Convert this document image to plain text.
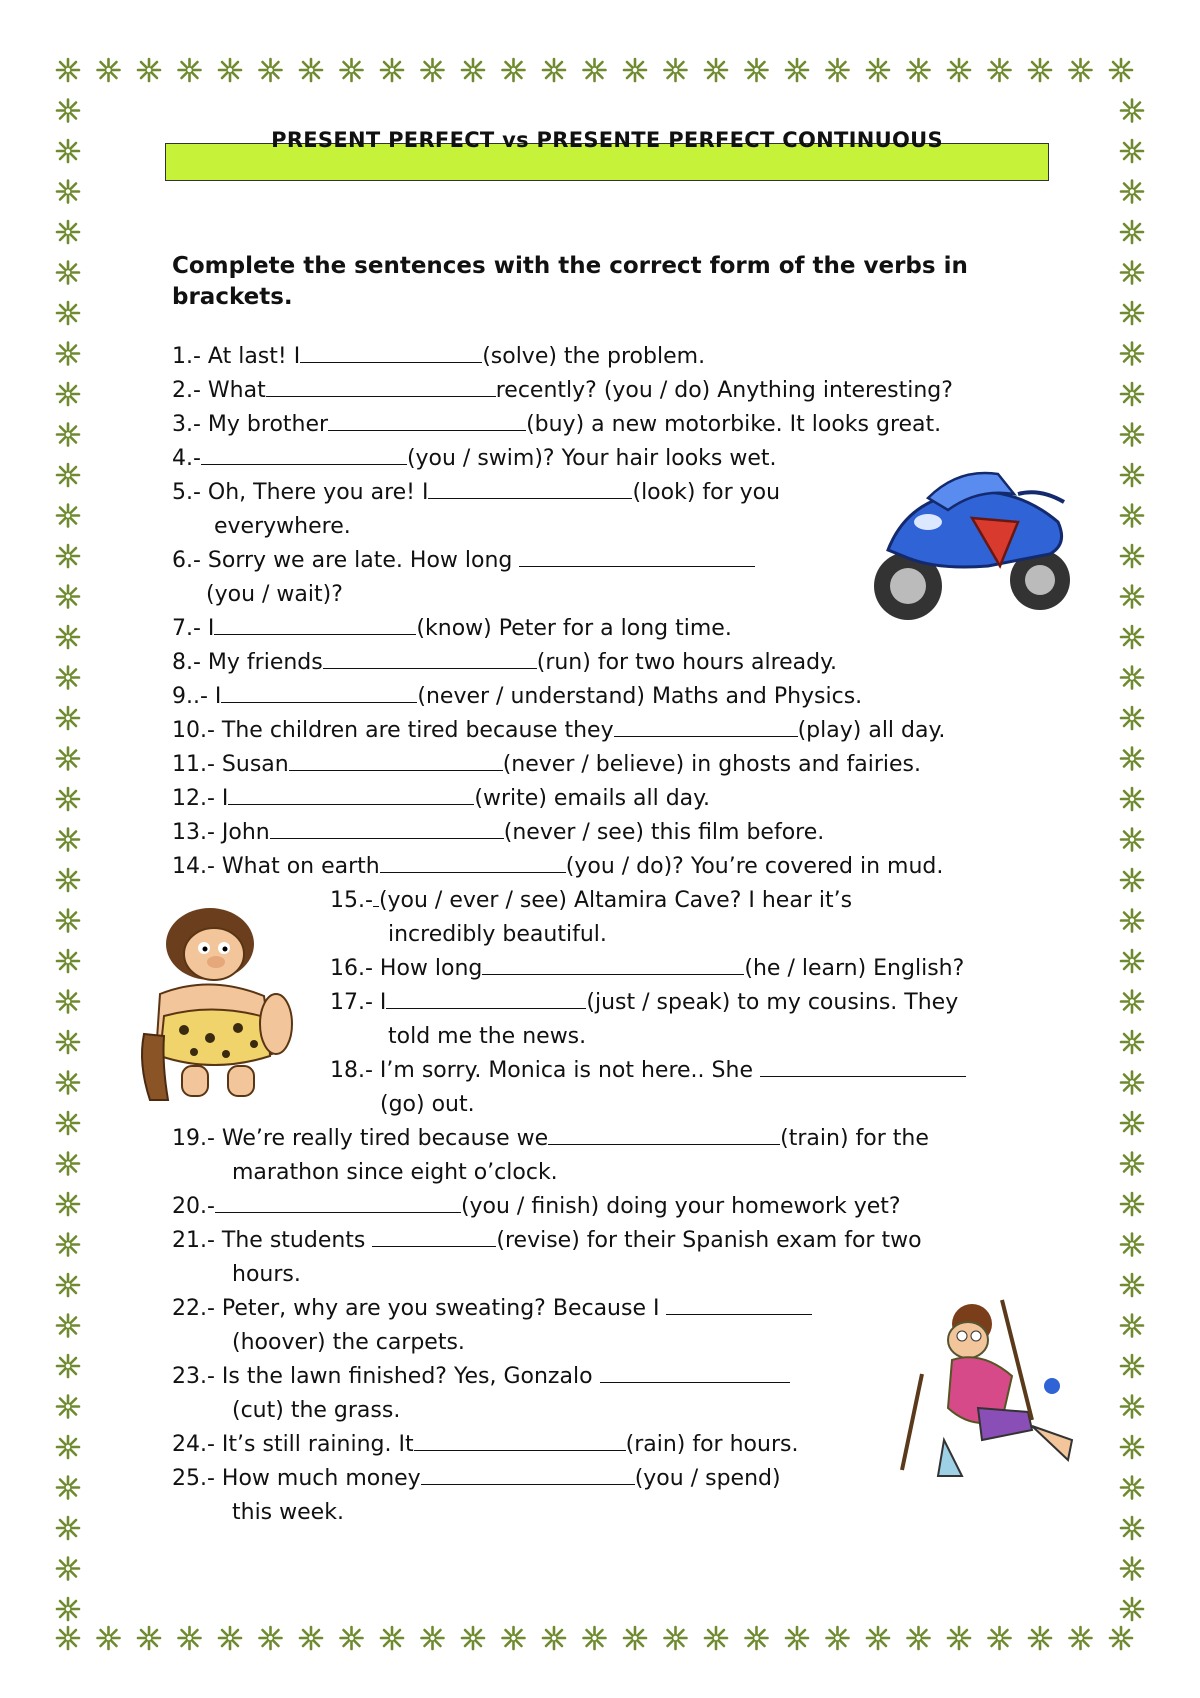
PRESENT PERFECT vs PRESENTE PERFECT CONTINUOUS
Complete the sentences with the correct form of the verbs in brackets.
1.- At last! I	(solve) the problem.
2.- What	recently? (you / do) Anything interesting?
3.- My brother	(buy) a new motorbike. It looks great.
4.-	(you / swim)? Your hair looks wet.
5.- Oh, There you are! I	(look) for you
everywhere.
6.- Sorry we are late. How long
(you / wait)?
7.- I	(know) Peter for a long time.
8.- My friends	(run) for two hours already.
9..- I	(never / understand) Maths and Physics.
10.- The children are tired because they	(play) all day.
11.- Susan	(never / believe) in ghosts and fairies.
12.- I	(write) emails all day.
13.- John	(never / see) this film before.
14.- What on earth	(you / do)? You’re covered in mud.
15.- (you / ever / see) Altamira Cave? I hear it’s
incredibly beautiful.
16.- How long	(he / learn) English?
17.- I	(just / speak) to my cousins. They
told me the news.
18.- I’m sorry. Monica is not here.. She
(go) out.
19.- We’re really tired because we	(train) for the
marathon since eight o’clock.
20.-	(you / finish) doing your homework yet?
21.- The students	(revise) for their Spanish exam for two
hours.
22.- Peter, why are you sweating? Because I
(hoover) the carpets.
23.- Is the lawn finished? Yes, Gonzalo
(cut) the grass.
24.- It’s still raining. It	(rain) for hours.
25.- How much money	(you / spend)
this week.
